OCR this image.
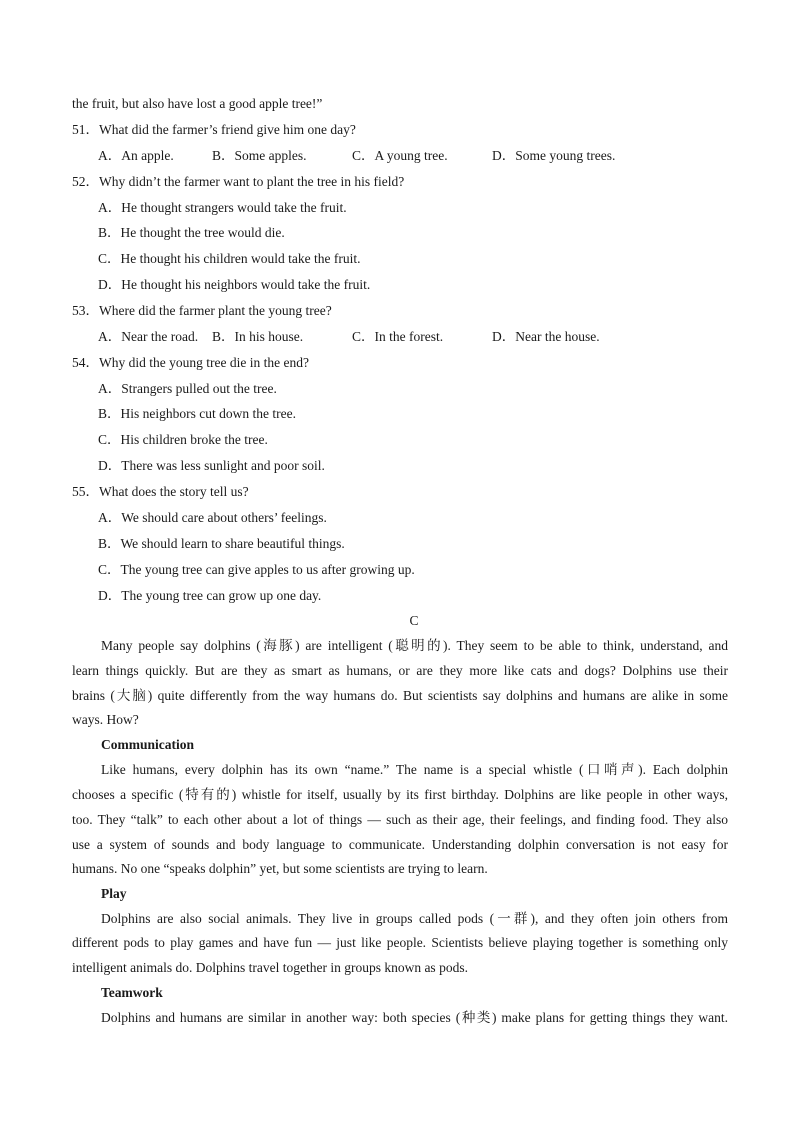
the fruit, but also have lost a good apple tree!”
51．What did the farmer’s friend give him one day?
A．An apple.	B．Some apples.	C．A young tree.	D．Some young trees.
52．Why didn’t the farmer want to plant the tree in his field?
A．He thought strangers would take the fruit.
B．He thought the tree would die.
C．He thought his children would take the fruit.
D．He thought his neighbors would take the fruit.
53．Where did the farmer plant the young tree?
A．Near the road. B．In his house.	C．In the forest.	D．Near the house.
54．Why did the young tree die in the end?
A．Strangers pulled out the tree.
B．His neighbors cut down the tree.
C．His children broke the tree.
D．There was less sunlight and poor soil.
55．What does the story tell us?
A．We should care about others’ feelings.
B．We should learn to share beautiful things.
C．The young tree can give apples to us after growing up.
D．The young tree can grow up one day.
C
Many people say dolphins (海豚) are intelligent (聪明的). They seem to be able to think, understand, and
learn things quickly. But are they as smart as humans, or are they more like cats and dogs? Dolphins use their
brains (大脑) quite differently from the way humans do. But scientists say dolphins and humans are alike in some
ways. How?
Communication
Like humans, every dolphin has its own “name.” The name is a special whistle (口哨声). Each dolphin
chooses a specific (特有的) whistle for itself, usually by its first birthday. Dolphins are like people in other ways,
too. They “talk” to each other about a lot of things — such as their age, their feelings, and finding food. They also
use a system of sounds and body language to communicate. Understanding dolphin conversation is not easy for
humans. No one “speaks dolphin” yet, but some scientists are trying to learn.
Play
Dolphins are also social animals. They live in groups called pods (一群), and they often join others from
different pods to play games and have fun — just like people. Scientists believe playing together is something only
intelligent animals do. Dolphins travel together in groups known as pods.
Teamwork
Dolphins and humans are similar in another way: both species (种类) make plans for getting things they want.
